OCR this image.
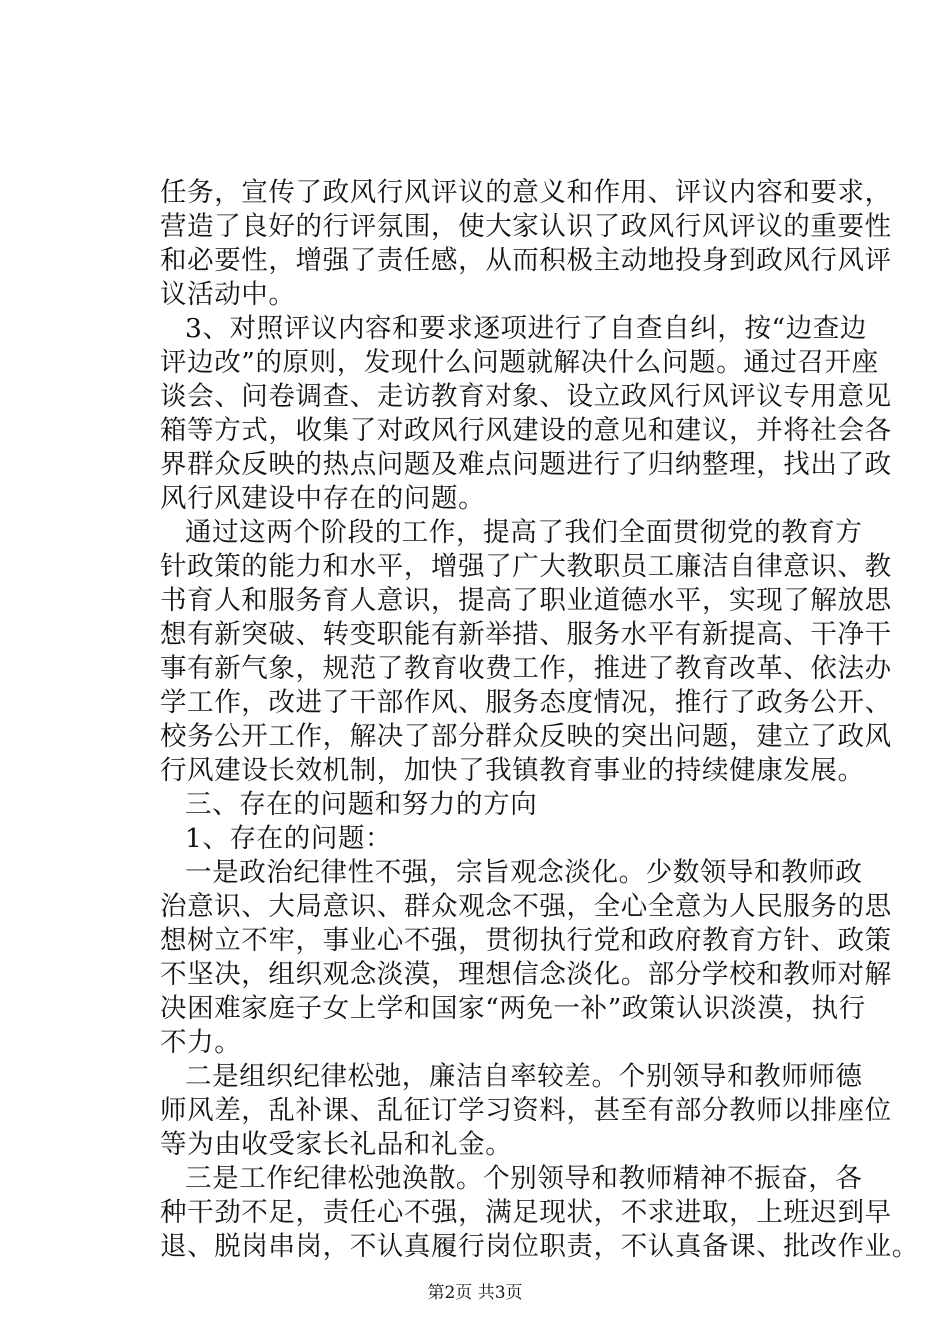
任务，宣传了政风行风评议的意义和作用、评议内容和要求，
营造了良好的行评氛围，使大家认识了政风行风评议的重要性
和必要性，增强了责任感，从而积极主动地投身到政风行风评
议活动中。
3、对照评议内容和要求逐项进行了自查自纠，按“边查边
评边改”的原则，发现什么问题就解决什么问题。通过召开座
谈会、问卷调查、走访教育对象、设立政风行风评议专用意见
箱等方式，收集了对政风行风建设的意见和建议，并将社会各
界群众反映的热点问题及难点问题进行了归纳整理，找出了政
风行风建设中存在的问题。
通过这两个阶段的工作，提高了我们全面贯彻党的教育方
针政策的能力和水平，增强了广大教职员工廉洁自律意识、教
书育人和服务育人意识，提高了职业道德水平，实现了解放思
想有新突破、转变职能有新举措、服务水平有新提高、干净干
事有新气象，规范了教育收费工作，推进了教育改革、依法办
学工作，改进了干部作风、服务态度情况，推行了政务公开、
校务公开工作，解决了部分群众反映的突出问题，建立了政风
行风建设长效机制，加快了我镇教育事业的持续健康发展。
三、存在的问题和努力的方向
1、存在的问题：
一是政治纪律性不强，宗旨观念淡化。少数领导和教师政
治意识、大局意识、群众观念不强，全心全意为人民服务的思
想树立不牢，事业心不强，贯彻执行党和政府教育方针、政策
不坚决，组织观念淡漠，理想信念淡化。部分学校和教师对解
决困难家庭子女上学和国家“两免一补”政策认识淡漠，执行
不力。
二是组织纪律松弛，廉洁自率较差。个别领导和教师师德
师风差，乱补课、乱征订学习资料，甚至有部分教师以排座位
等为由收受家长礼品和礼金。
三是工作纪律松弛涣散。个别领导和教师精神不振奋，各
种干劲不足，责任心不强，满足现状，不求进取，上班迟到早
退、脱岗串岗，不认真履行岗位职责，不认真备课、批改作业。
第2页 共3页
